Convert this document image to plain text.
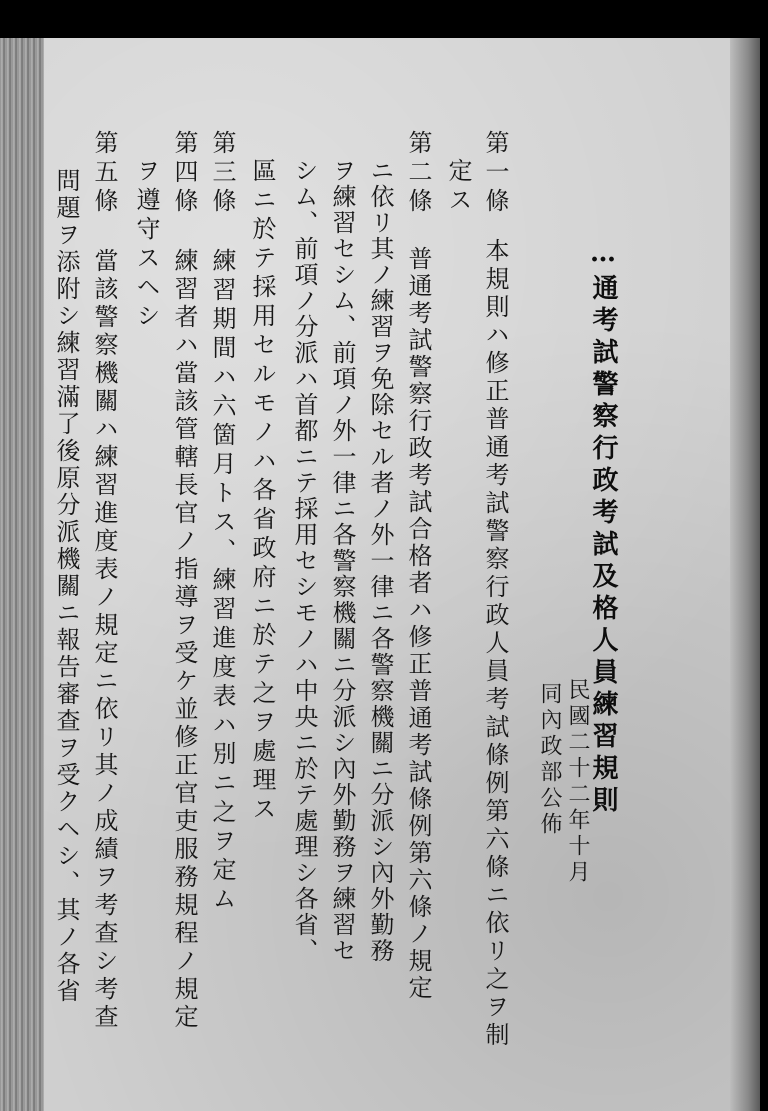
…通考試警察行政考試及格人員練習規則
民國二十二年十月
同內政部公佈
第一條
本規則ハ修正普通考試警察行政人員考試條例第六條ニ依リ之ヲ制
定ス
第二條
普通考試警察行政考試合格者ハ修正普通考試條例第六條ノ規定
ニ依リ其ノ練習ヲ免除セル者ノ外一律ニ各警察機關ニ分派シ內外勤務
ヲ練習セシム、前項ノ外一律ニ各警察機關ニ分派シ內外勤務ヲ練習セ
シム、前項ノ分派ハ首都ニテ採用セシモノハ中央ニ於テ處理シ各省、
區ニ於テ採用セルモノハ各省政府ニ於テ之ヲ處理ス
第三條
練習期間ハ六箇月トス、練習進度表ハ別ニ之ヲ定ム
第四條
練習者ハ當該管轄長官ノ指導ヲ受ケ並修正官吏服務規程ノ規定
ヲ遵守スヘシ
第五條
當該警察機關ハ練習進度表ノ規定ニ依リ其ノ成績ヲ考查シ考查
問題ヲ添附シ練習滿了後原分派機關ニ報告審查ヲ受クヘシ、其ノ各省
